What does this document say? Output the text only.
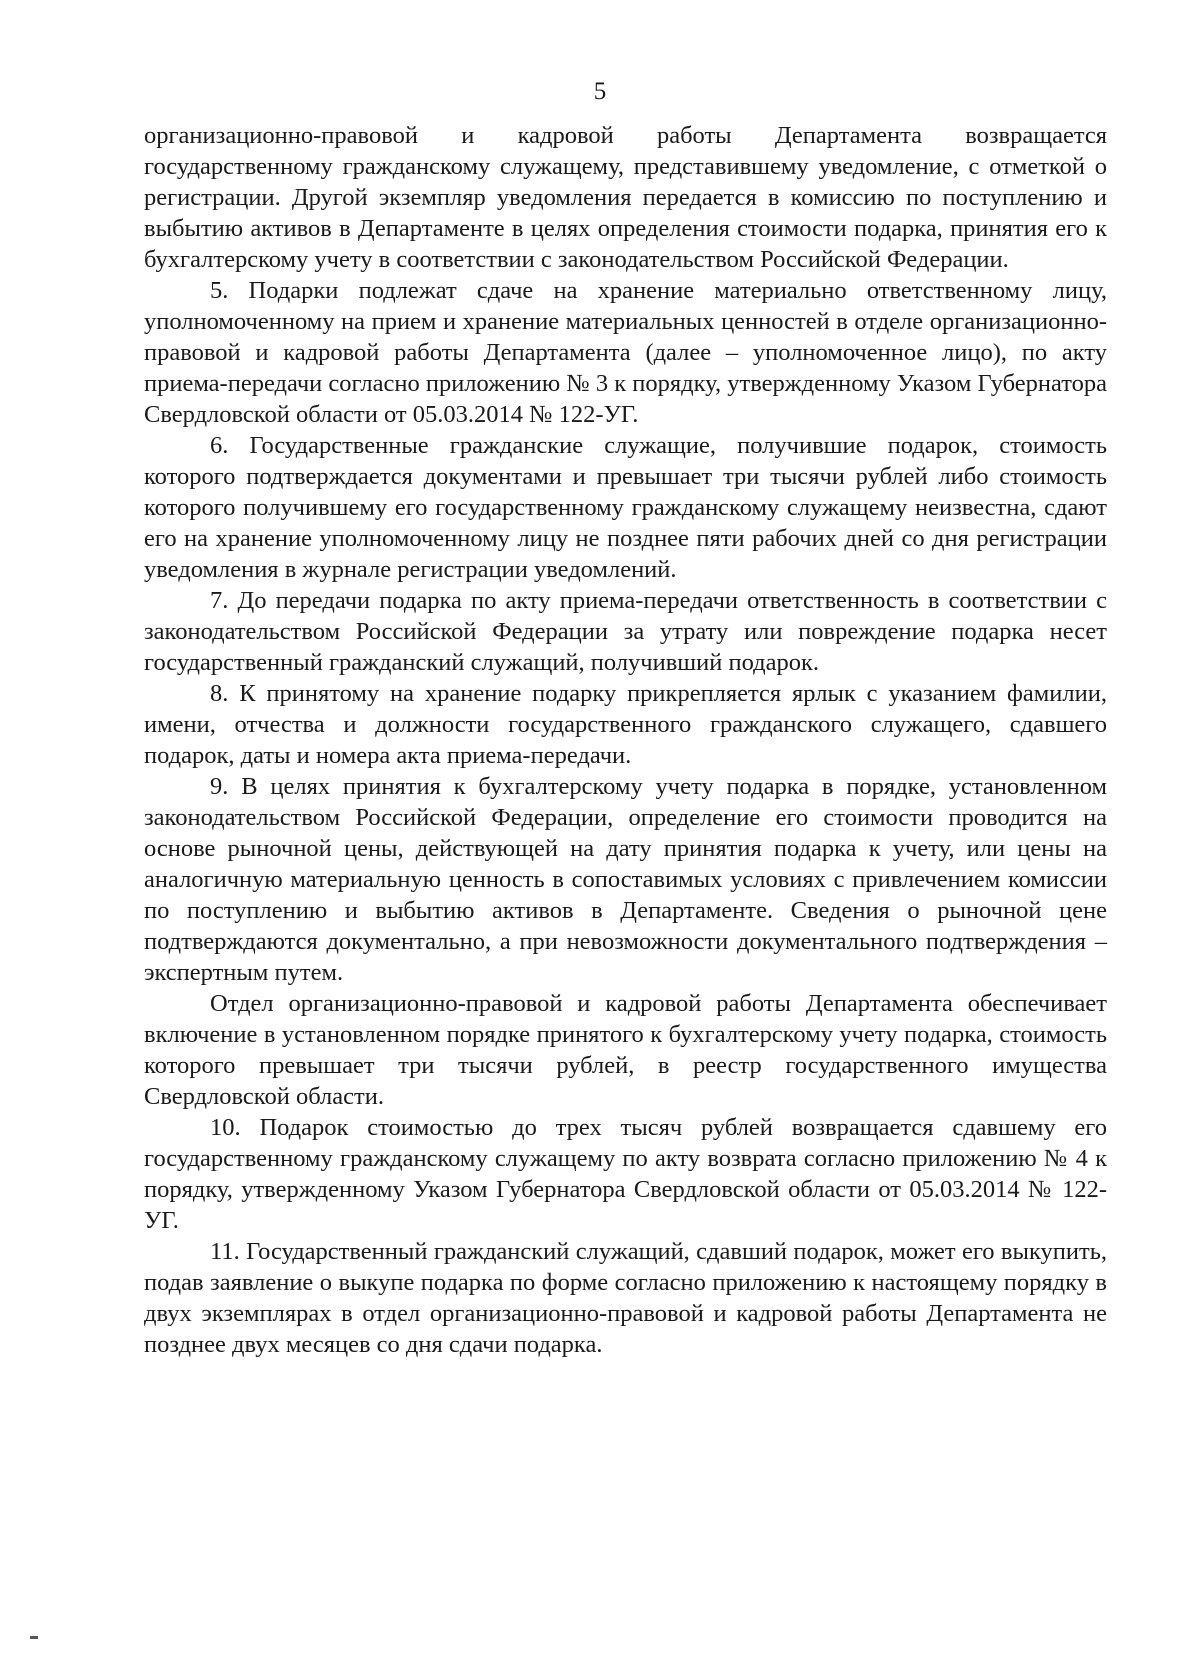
5

организационно-правовой и кадровой работы Департамента возвращается государственному гражданскому служащему, представившему уведомление, с отметкой о регистрации. Другой экземпляр уведомления передается в комиссию по поступлению и выбытию активов в Департаменте в целях определения стоимости подарка, принятия его к бухгалтерскому учету в соответствии с законодательством Российской Федерации.

5. Подарки подлежат сдаче на хранение материально ответственному лицу, уполномоченному на прием и хранение материальных ценностей в отделе организационно-правовой и кадровой работы Департамента (далее – уполномоченное лицо), по акту приема-передачи согласно приложению № 3 к порядку, утвержденному Указом Губернатора Свердловской области от 05.03.2014 № 122-УГ.

6. Государственные гражданские служащие, получившие подарок, стоимость которого подтверждается документами и превышает три тысячи рублей либо стоимость которого получившему его государственному гражданскому служащему неизвестна, сдают его на хранение уполномоченному лицу не позднее пяти рабочих дней со дня регистрации уведомления в журнале регистрации уведомлений.

7. До передачи подарка по акту приема-передачи ответственность в соответствии с законодательством Российской Федерации за утрату или повреждение подарка несет государственный гражданский служащий, получивший подарок.

8. К принятому на хранение подарку прикрепляется ярлык с указанием фамилии, имени, отчества и должности государственного гражданского служащего, сдавшего подарок, даты и номера акта приема-передачи.

9. В целях принятия к бухгалтерскому учету подарка в порядке, установленном законодательством Российской Федерации, определение его стоимости проводится на основе рыночной цены, действующей на дату принятия подарка к учету, или цены на аналогичную материальную ценность в сопоставимых условиях с привлечением комиссии по поступлению и выбытию активов в Департаменте. Сведения о рыночной цене подтверждаются документально, а при невозможности документального подтверждения – экспертным путем.

Отдел организационно-правовой и кадровой работы Департамента обеспечивает включение в установленном порядке принятого к бухгалтерскому учету подарка, стоимость которого превышает три тысячи рублей, в реестр государственного имущества Свердловской области.

10. Подарок стоимостью до трех тысяч рублей возвращается сдавшему его государственному гражданскому служащему по акту возврата согласно приложению № 4 к порядку, утвержденному Указом Губернатора Свердловской области от 05.03.2014 № 122-УГ.

11. Государственный гражданский служащий, сдавший подарок, может его выкупить, подав заявление о выкупе подарка по форме согласно приложению к настоящему порядку в двух экземплярах в отдел организационно-правовой и кадровой работы Департамента не позднее двух месяцев со дня сдачи подарка.
